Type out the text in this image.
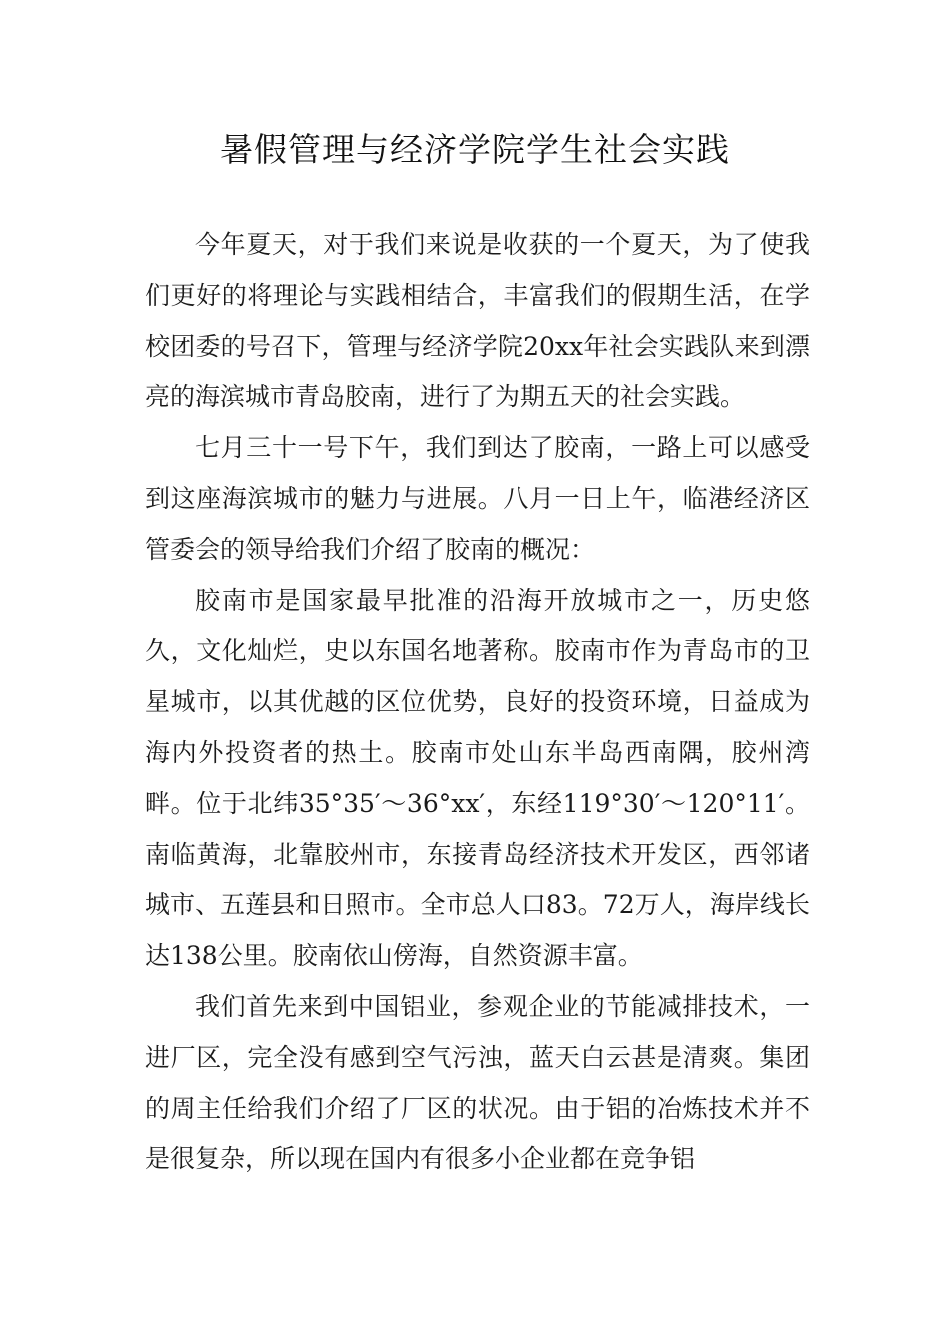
暑假管理与经济学院学生社会实践

今年夏天，对于我们来说是收获的一个夏天，为了使我们更好的将理论与实践相结合，丰富我们的假期生活，在学校团委的号召下，管理与经济学院20xx年社会实践队来到漂亮的海滨城市青岛胶南，进行了为期五天的社会实践。

七月三十一号下午，我们到达了胶南，一路上可以感受到这座海滨城市的魅力与进展。八月一日上午，临港经济区管委会的领导给我们介绍了胶南的概况：

胶南市是国家最早批准的沿海开放城市之一，历史悠久，文化灿烂，史以东国名地著称。胶南市作为青岛市的卫星城市，以其优越的区位优势，良好的投资环境，日益成为海内外投资者的热土。胶南市处山东半岛西南隅，胶州湾畔。位于北纬35°35′～36°xx′，东经119°30′～120°11′。南临黄海，北靠胶州市，东接青岛经济技术开发区，西邻诸城市、五莲县和日照市。全市总人口83。72万人，海岸线长达138公里。胶南依山傍海，自然资源丰富。

我们首先来到中国铝业，参观企业的节能减排技术，一进厂区，完全没有感到空气污浊，蓝天白云甚是清爽。集团的周主任给我们介绍了厂区的状况。由于铝的冶炼技术并不是很复杂，所以现在国内有很多小企业都在竞争铝
